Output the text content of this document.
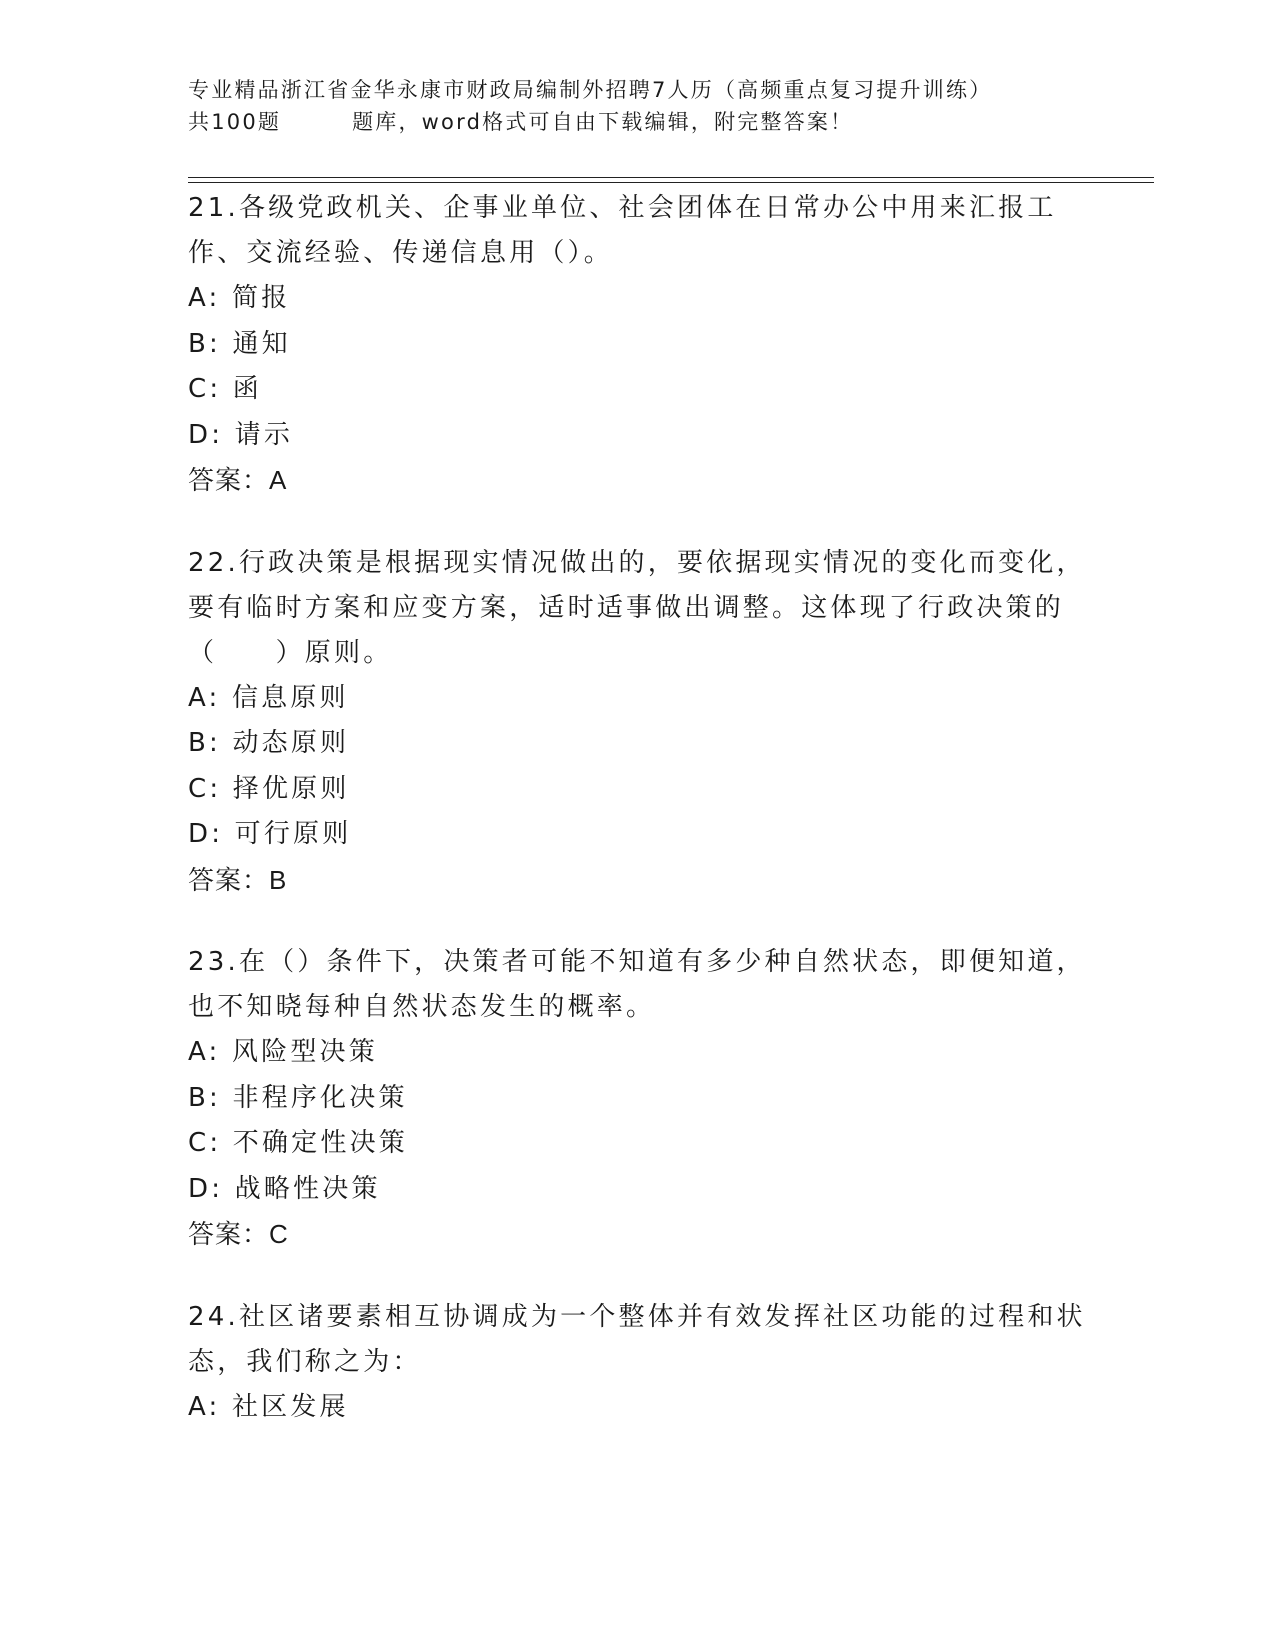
专业精品浙江省金华永康市财政局编制外招聘7人历（高频重点复习提升训练）
共100题        题库，word格式可自由下载编辑，附完整答案！
21.各级党政机关、企事业单位、社会团体在日常办公中用来汇报工作、交流经验、传递信息用（）。
A: 简报
B: 通知
C: 函
D: 请示
答案：A
22.行政决策是根据现实情况做出的，要依据现实情况的变化而变化，要有临时方案和应变方案，适时适事做出调整。这体现了行政决策的（　　）原则。
A: 信息原则
B: 动态原则
C: 择优原则
D: 可行原则
答案：B
23.在（）条件下，决策者可能不知道有多少种自然状态，即便知道，也不知晓每种自然状态发生的概率。
A: 风险型决策
B: 非程序化决策
C: 不确定性决策
D: 战略性决策
答案：C
24.社区诸要素相互协调成为一个整体并有效发挥社区功能的过程和状态，我们称之为：
A: 社区发展
